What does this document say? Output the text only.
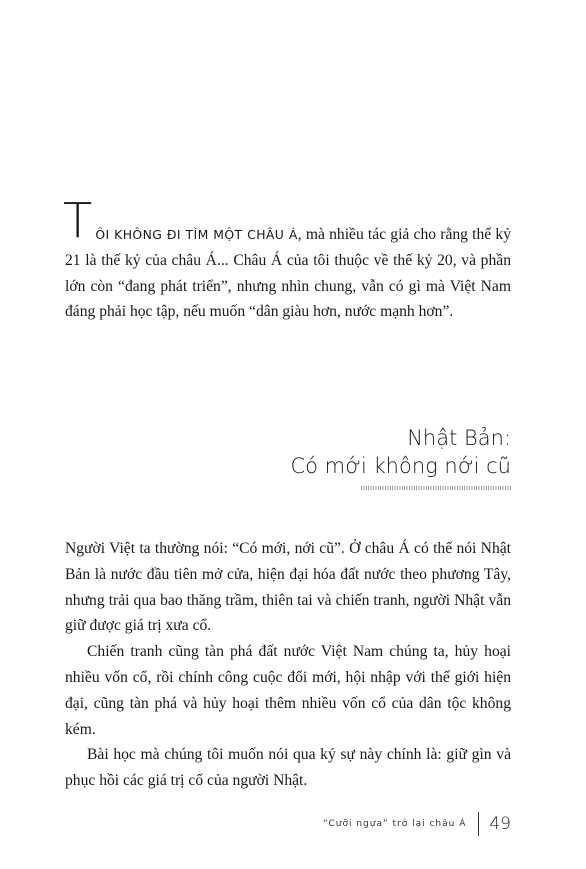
T ÔI KHÔNG ĐI TÌM MỘT CHÂU Á, mà nhiều tác giả cho rằng thế kỷ 21 là thế kỷ của châu Á... Châu Á của tôi thuộc về thế kỷ 20, và phần lớn còn “đang phát triển”, nhưng nhìn chung, vẫn có gì mà Việt Nam đáng phải học tập, nếu muốn “dân giàu hơn, nước mạnh hơn”.

Nhật Bản:
Có mới không nới cũ

Người Việt ta thường nói: “Có mới, nới cũ”. Ở châu Á có thể nói Nhật Bản là nước đầu tiên mở cửa, hiện đại hóa đất nước theo phương Tây, nhưng trải qua bao thăng trầm, thiên tai và chiến tranh, người Nhật vẫn giữ được giá trị xưa cổ.

Chiến tranh cũng tàn phá đất nước Việt Nam chúng ta, hủy hoại nhiều vốn cổ, rồi chính công cuộc đổi mới, hội nhập với thế giới hiện đại, cũng tàn phá và hủy hoại thêm nhiều vốn cổ của dân tộc không kém.

Bài học mà chúng tôi muốn nói qua ký sự này chính là: giữ gìn và phục hồi các giá trị cổ của người Nhật.

“Cưỡi ngựa” trở lại châu Á 49
